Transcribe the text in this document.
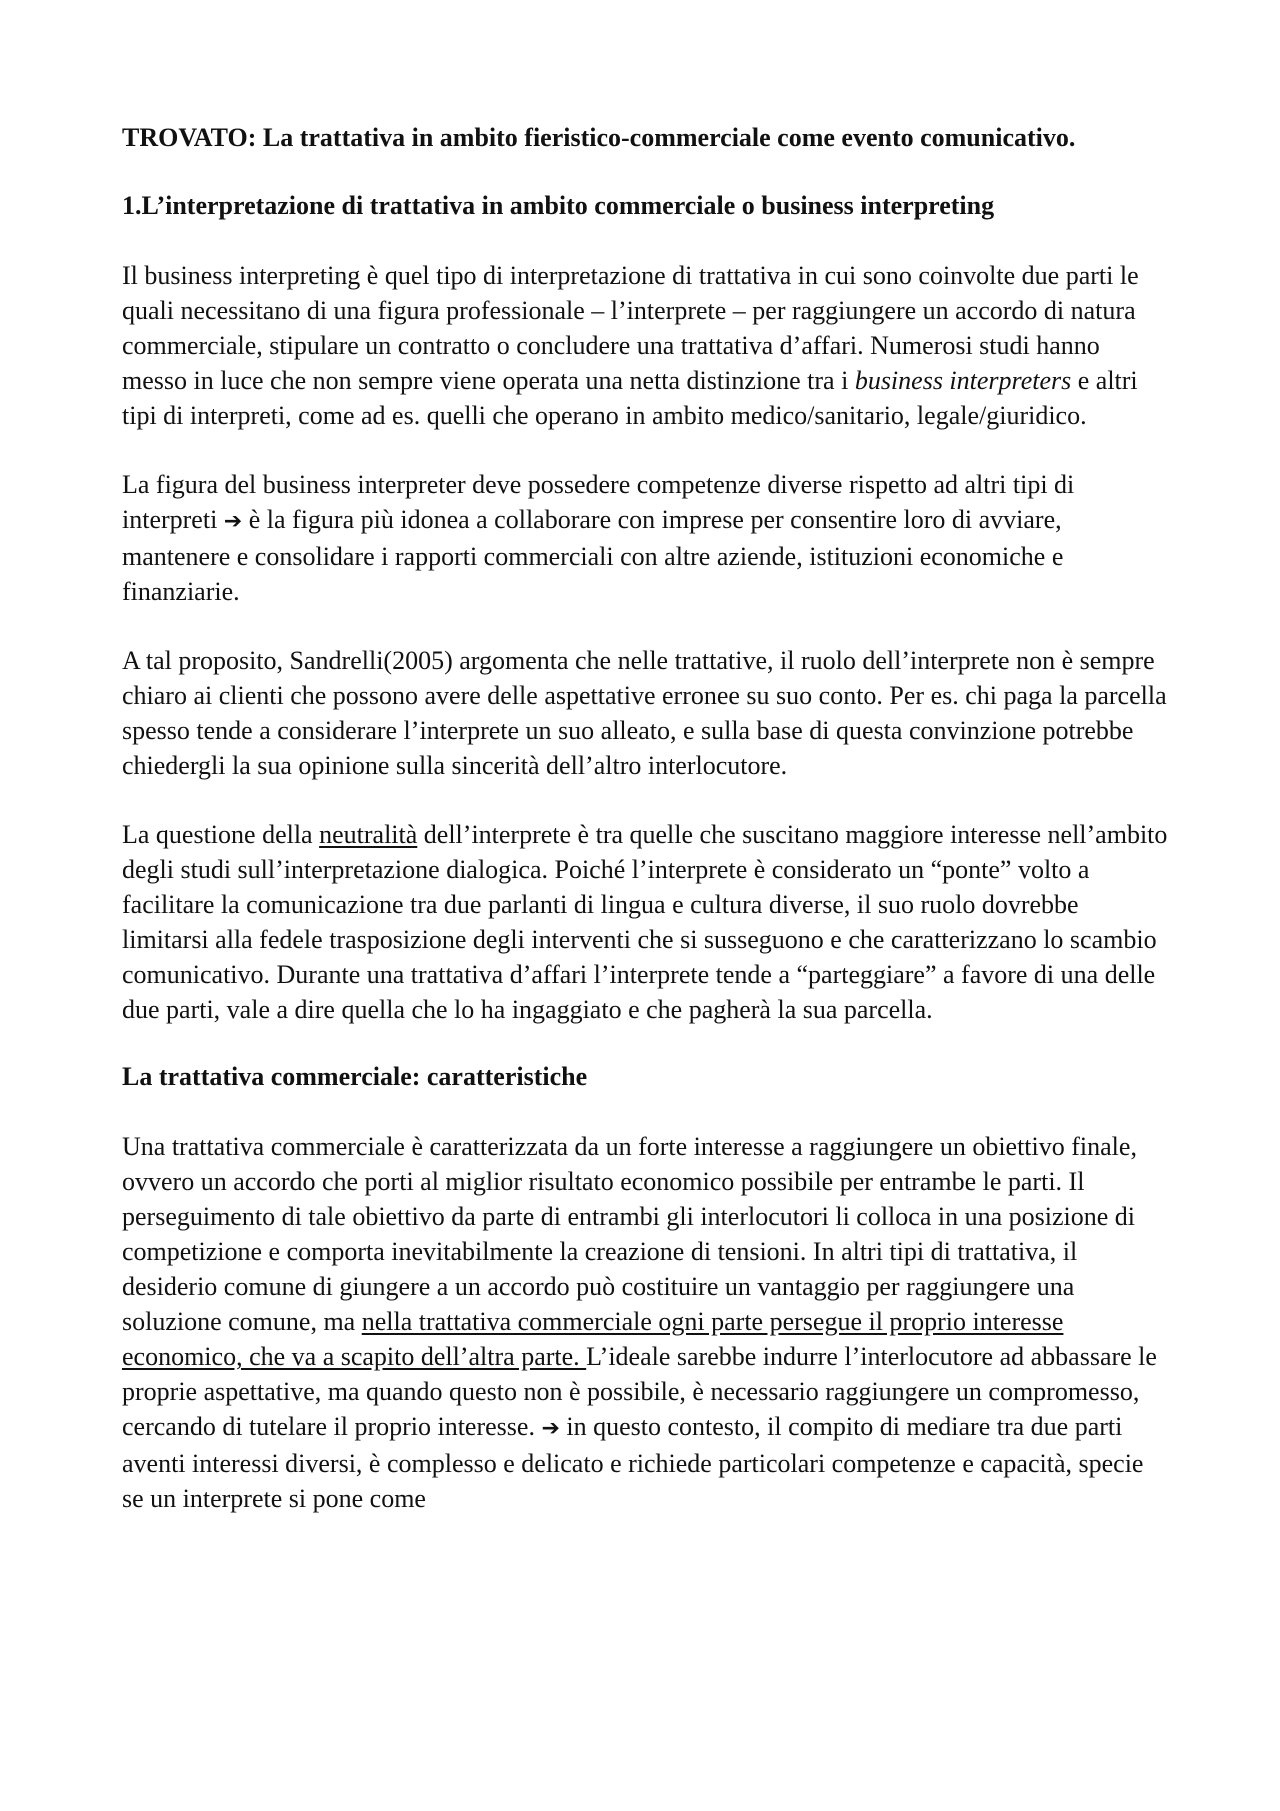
TROVATO: La trattativa in ambito fieristico-commerciale come evento comunicativo.

1.L’interpretazione di trattativa in ambito commerciale o business interpreting

Il business interpreting è quel tipo di interpretazione di trattativa in cui sono coinvolte due parti le quali necessitano di una figura professionale – l’interprete – per raggiungere un accordo di natura commerciale, stipulare un contratto o concludere una trattativa d’affari. Numerosi studi hanno messo in luce che non sempre viene operata una netta distinzione tra i business interpreters e altri tipi di interpreti, come ad es. quelli che operano in ambito medico/sanitario, legale/giuridico.

La figura del business interpreter deve possedere competenze diverse rispetto ad altri tipi di interpreti ➔ è la figura più idonea a collaborare con imprese per consentire loro di avviare, mantenere e consolidare i rapporti commerciali con altre aziende, istituzioni economiche e finanziarie.

A tal proposito, Sandrelli(2005) argomenta che nelle trattative, il ruolo dell’interprete non è sempre chiaro ai clienti che possono avere delle aspettative erronee su suo conto. Per es. chi paga la parcella spesso tende a considerare l’interprete un suo alleato, e sulla base di questa convinzione potrebbe chiedergli la sua opinione sulla sincerità dell’altro interlocutore.

La questione della neutralità dell’interprete è tra quelle che suscitano maggiore interesse nell’ambito degli studi sull’interpretazione dialogica. Poiché l’interprete è considerato un “ponte” volto a facilitare la comunicazione tra due parlanti di lingua e cultura diverse, il suo ruolo dovrebbe limitarsi alla fedele trasposizione degli interventi che si susseguono e che caratterizzano lo scambio comunicativo. Durante una trattativa d’affari l’interprete tende a “parteggiare” a favore di una delle due parti, vale a dire quella che lo ha ingaggiato e che pagherà la sua parcella.

La trattativa commerciale: caratteristiche

Una trattativa commerciale è caratterizzata da un forte interesse a raggiungere un obiettivo finale, ovvero un accordo che porti al miglior risultato economico possibile per entrambe le parti. Il perseguimento di tale obiettivo da parte di entrambi gli interlocutori li colloca in una posizione di competizione e comporta inevitabilmente la creazione di tensioni. In altri tipi di trattativa, il desiderio comune di giungere a un accordo può costituire un vantaggio per raggiungere una soluzione comune, ma nella trattativa commerciale ogni parte persegue il proprio interesse economico, che va a scapito dell’altra parte. L’ideale sarebbe indurre l’interlocutore ad abbassare le proprie aspettative, ma quando questo non è possibile, è necessario raggiungere un compromesso, cercando di tutelare il proprio interesse. ➔ in questo contesto, il compito di mediare tra due parti aventi interessi diversi, è complesso e delicato e richiede particolari competenze e capacità, specie se un interprete si pone come
